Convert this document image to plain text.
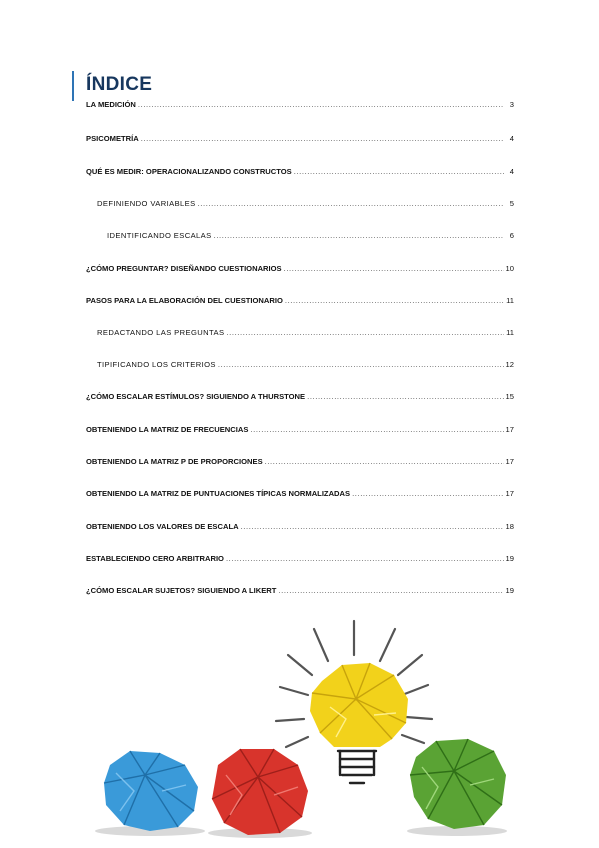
ÍNDICE
LA MEDICIÓN .....	3
PSICOMETRÍA .....	4
QUÉ ES MEDIR: OPERACIONALIZANDO CONSTRUCTOS .....	4
DEFINIENDO VARIABLES .....	5
IDENTIFICANDO ESCALAS .....	6
¿CÓMO PREGUNTAR? DISEÑANDO CUESTIONARIOS .....	10
PASOS PARA LA ELABORACIÓN DEL CUESTIONARIO .....	11
REDACTANDO LAS PREGUNTAS .....	11
TIPIFICANDO LOS CRITERIOS .....	12
¿CÓMO ESCALAR ESTÍMULOS? SIGUIENDO A THURSTONE .....	15
OBTENIENDO LA MATRIZ DE FRECUENCIAS .....	17
OBTENIENDO LA MATRIZ P DE PROPORCIONES .....	17
OBTENIENDO LA MATRIZ DE PUNTUACIONES TÍPICAS NORMALIZADAS .....	17
OBTENIENDO LOS VALORES DE ESCALA .....	18
ESTABLECIENDO CERO ARBITRARIO .....	19
¿CÓMO ESCALAR SUJETOS? SIGUIENDO A LIKERT .....	19
